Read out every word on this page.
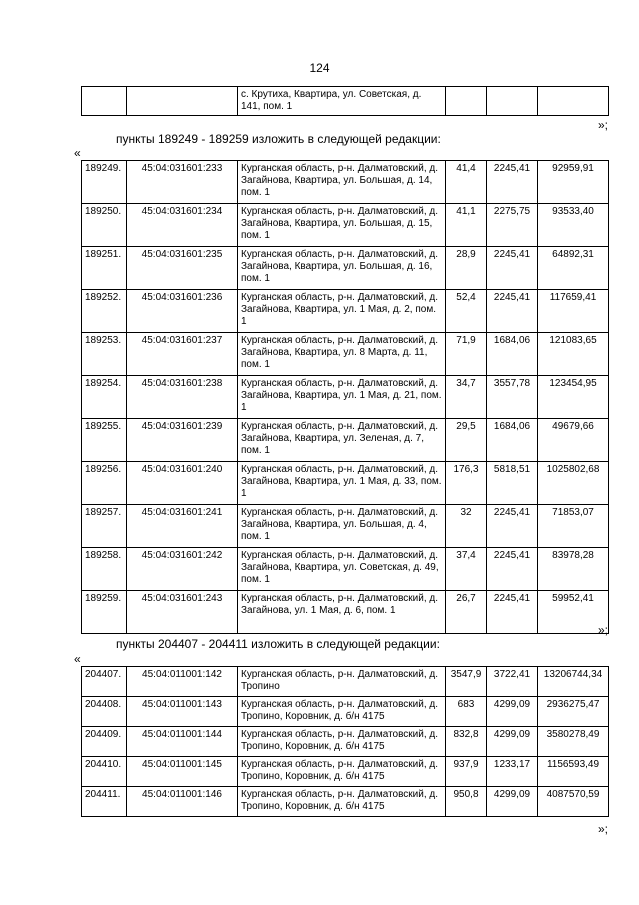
124
		с. Крутиха, Квартира, ул. Советская, д. 141, пом. 1			
»;
пункты 189249 - 189259 изложить в следующей редакции:
«
189249.	45:04:031601:233	Курганская область, р-н. Далматовский, д. Загайнова, Квартира, ул. Большая, д. 14, пом. 1	41,4	2245,41	92959,91
189250.	45:04:031601:234	Курганская область, р-н. Далматовский, д. Загайнова, Квартира, ул. Большая, д. 15, пом. 1	41,1	2275,75	93533,40
189251.	45:04:031601:235	Курганская область, р-н. Далматовский, д. Загайнова, Квартира, ул. Большая, д. 16, пом. 1	28,9	2245,41	64892,31
189252.	45:04:031601:236	Курганская область, р-н. Далматовский, д. Загайнова, Квартира, ул. 1 Мая, д. 2, пом. 1	52,4	2245,41	117659,41
189253.	45:04:031601:237	Курганская область, р-н. Далматовский, д. Загайнова, Квартира, ул. 8 Марта, д. 11, пом. 1	71,9	1684,06	121083,65
189254.	45:04:031601:238	Курганская область, р-н. Далматовский, д. Загайнова, Квартира, ул. 1 Мая, д. 21, пом. 1	34,7	3557,78	123454,95
189255.	45:04:031601:239	Курганская область, р-н. Далматовский, д. Загайнова, Квартира, ул. Зеленая, д. 7, пом. 1	29,5	1684,06	49679,66
189256.	45:04:031601:240	Курганская область, р-н. Далматовский, д. Загайнова, Квартира, ул. 1 Мая, д. 33, пом. 1	176,3	5818,51	1025802,68
189257.	45:04:031601:241	Курганская область, р-н. Далматовский, д. Загайнова, Квартира, ул. Большая, д. 4, пом. 1	32	2245,41	71853,07
189258.	45:04:031601:242	Курганская область, р-н. Далматовский, д. Загайнова, Квартира, ул. Советская, д. 49, пом. 1	37,4	2245,41	83978,28
189259.	45:04:031601:243	Курганская область, р-н. Далматовский, д. Загайнова, ул. 1 Мая, д. 6, пом. 1	26,7	2245,41	59952,41
»;
пункты 204407 - 204411 изложить в следующей редакции:
«
204407.	45:04:011001:142	Курганская область, р-н. Далматовский, д. Тропино	3547,9	3722,41	13206744,34
204408.	45:04:011001:143	Курганская область, р-н. Далматовский, д. Тропино, Коровник, д. б/н 4175	683	4299,09	2936275,47
204409.	45:04:011001:144	Курганская область, р-н. Далматовский, д. Тропино, Коровник, д. б/н 4175	832,8	4299,09	3580278,49
204410.	45:04:011001:145	Курганская область, р-н. Далматовский, д. Тропино, Коровник, д. б/н 4175	937,9	1233,17	1156593,49
204411.	45:04:011001:146	Курганская область, р-н. Далматовский, д. Тропино, Коровник, д. б/н 4175	950,8	4299,09	4087570,59
»;
